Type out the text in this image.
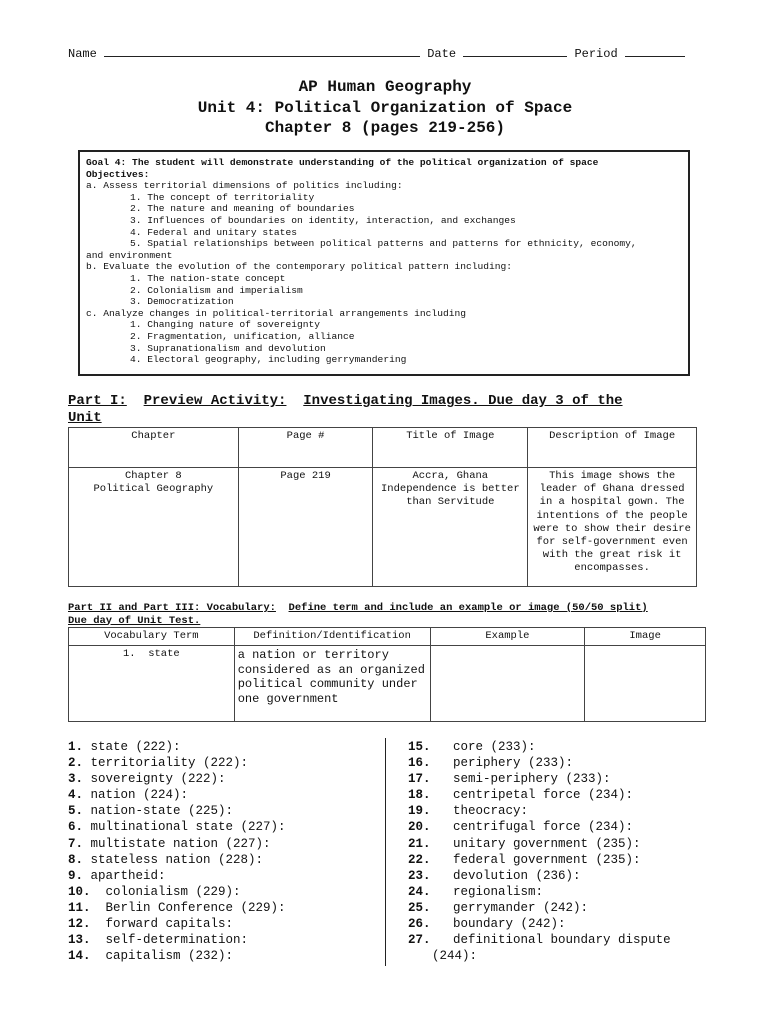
Name	Date	Period
AP Human Geography
Unit 4: Political Organization of Space
Chapter 8 (pages 219-256)
Goal 4: The student will demonstrate understanding of the political organization of space
Objectives:
a. Assess territorial dimensions of politics including:
1. The concept of territoriality
2. The nature and meaning of boundaries
3. Influences of boundaries on identity, interaction, and exchanges
4. Federal and unitary states
5. Spatial relationships between political patterns and patterns for ethnicity, economy,
and environment
b. Evaluate the evolution of the contemporary political pattern including:
1. The nation-state concept
2. Colonialism and imperialism
3. Democratization
c. Analyze changes in political-territorial arrangements including
1. Changing nature of sovereignty
2. Fragmentation, unification, alliance
3. Supranationalism and devolution
4. Electoral geography, including gerrymandering
Part I: Preview Activity: Investigating Images. Due day 3 of the
Unit
Chapter	Page #	Title of Image	Description of Image
Chapter 8
Political Geography	Page 219	Accra, Ghana
Independence is better than Servitude	This image shows the leader of Ghana dressed in a hospital gown. The intentions of the people were to show their desire for self-government even with the great risk it encompasses.
Part II and Part III: Vocabulary: Define term and include an example or image (50/50 split)
Due day of Unit Test.
Vocabulary Term	Definition/Identification	Example	Image
1.  state	a nation or territory considered as an organized political community under one government		
1. state (222):
2. territoriality (222):
3. sovereignty (222):
4. nation (224):
5. nation-state (225):
6. multinational state (227):
7. multistate nation (227):
8. stateless nation (228):
9. apartheid:
10. colonialism (229):
11. Berlin Conference (229):
12. forward capitals:
13. self-determination:
14. capitalism (232):
15. core (233):
16. periphery (233):
17. semi-periphery (233):
18. centripetal force (234):
19. theocracy:
20. centrifugal force (234):
21. unitary government (235):
22. federal government (235):
23. devolution (236):
24. regionalism:
25. gerrymander (242):
26. boundary (242):
27. definitional boundary dispute
(244):
